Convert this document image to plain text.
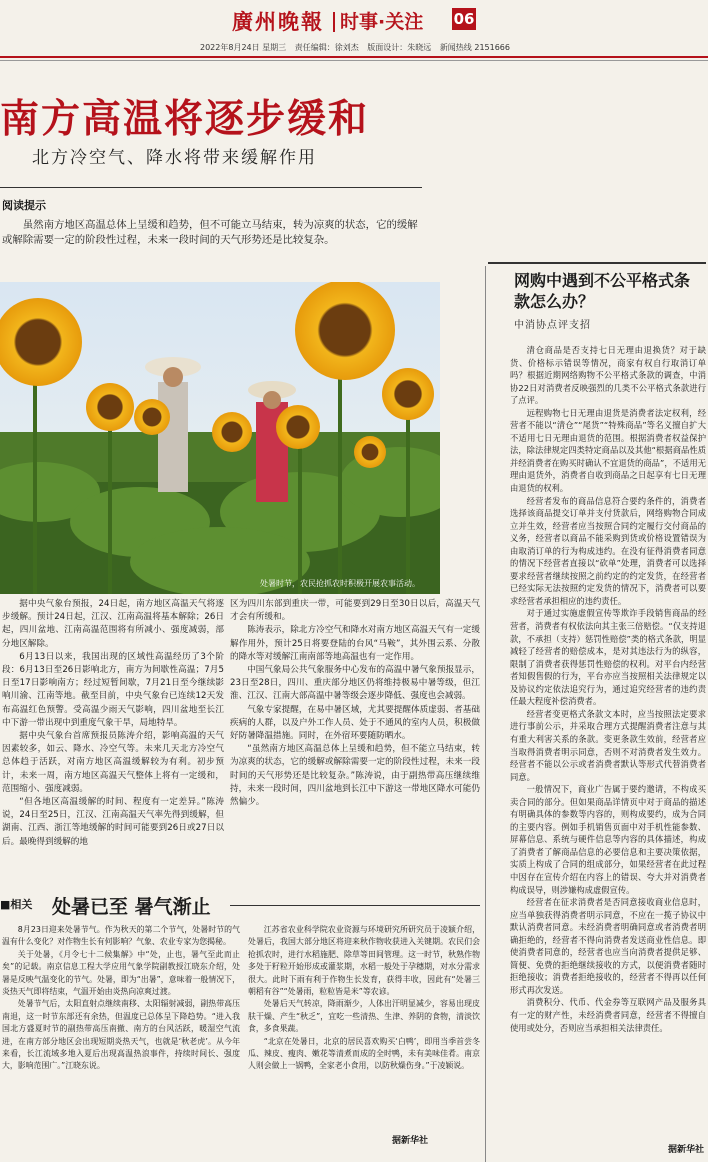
廣州晚報 时事·关注 06
2022年8月24日 星期三 责任编辑：徐刘杰 版面设计：朱晓远 新闻热线 2151666
南方高温将逐步缓和
北方冷空气、降水将带来缓解作用
阅读提示
虽然南方地区高温总体上呈缓和趋势，但不可能立马结束，转为凉爽的状态，它的缓解或解除需要一定的阶段性过程，未来一段时间的天气形势还是比较复杂。
处暑时节，农民抢抓农时积极开展农事活动。

据中央气象台预报，24日起，南方地区高温天气将逐步缓解。预计24日起，江汉、江南高温将基本解除；26日起，四川盆地、江南高温范围将有所减小、强度减弱，部分地区解除。

6月13日以来，我国出现的区域性高温经历了3个阶段：6月13日至26日影响北方，南方为间歇性高温；7月5日至17日影响南方；经过短暂间歇，7月21日至今继续影响川渝、江南等地。截至目前，中央气象台已连续12天发布高温红色预警。受高温少雨天气影响，四川盆地至长江中下游一带出现中到重度气象干旱，局地特旱。

据中央气象台首席预报员陈涛介绍，影响高温的天气因素较多，如云、降水、冷空气等。未来几天北方冷空气总体趋于活跃，对南方地区高温缓解较为有利。初步预计，未来一周，南方地区高温天气整体上将有一定缓和，范围缩小、强度减弱。

“但各地区高温缓解的时间、程度有一定差异。”陈涛说，24日至25日，江汉、江南高温天气率先得到缓解，但湖南、江西、浙江等地缓解的时间可能要到26日或27日以后。最晚得到缓解的地

区为四川东部到重庆一带，可能要到29日至30日以后，高温天气才会有所缓和。

陈涛表示，除北方冷空气和降水对南方地区高温天气有一定缓解作用外，预计25日将要登陆的台风“马鞍”，其外围云系、分散的降水等对缓解江南南部等地高温也有一定作用。

中国气象局公共气象服务中心发布的高温中暑气象预报显示，23日至28日，四川、重庆部分地区仍将维持极易中暑等级，但江淮、江汉、江南大部高温中暑等级会逐步降低、强度也会减弱。

气象专家提醒，在易中暑区域，尤其要提醒体质虚弱、者基础疾病的人群，以及户外工作人员、处于不通风的室内人员，积极做好防暑降温措施。同时，在外宿环要随防晒水。

“虽然南方地区高温总体上呈缓和趋势，但不能立马结束，转为凉爽的状态，它的缓解或解除需要一定的阶段性过程，未来一段时间的天气形势还是比较复杂。”陈涛说，由于副热带高压继续维持，未来一段时间，四川盆地到长江中下游这一带地区降水可能仍然偏少。

■相关 处暑已至 暑气渐止

8月23日迎来处暑节气。作为秋天的第二个节气，处暑时节的气温有什么变化？对作物生长有何影响？气象、农业专家为您揭秘。

关于处暑，《月令七十二候集解》中“处，止也，暑气至此而止矣”的记载。南京信息工程大学应用气象学院副教授江晓东介绍，处暑是反映气温变化的节气。处暑，即为“出暑”，意味着一般情况下，炎热天气即将结束，气温开始由炎热向凉爽过渡。

处暑节气后，太阳直射点继续南移、太阳辐射减弱，副热带高压南退，这一时节东部还有余热，但温度已总体呈下降趋势。“进入我国北方盛夏时节的副热带高压南撤、南方的台风活跃，暖湿空气流进，在南方部分地区会出现短期炎热天气，也就是‘秋老虎’。从今年来看，长江流域多地入夏后出现高温热浪事件，持续时间长、强度大，影响范围广。”江晓东说。

江苏省农业科学院农业资源与环境研究所研究员于凌颖介绍，处暑后，我国大部分地区将迎来秋作物收获进入关键期。农民们会抢抓农时，进行水稻施肥、除草等田间管理。这一时节，秋熟作物多处于籽粒开始形成或灌浆期，水稻一般处于孕穗期，对水分需求很大。此时下雨有利于作物生长发育，获得丰收，因此有“处暑三朝稻有谷”“处暑雨，粒粒皆是米”等农谚。

处暑后天气转凉，降雨渐少，人体出汗明显减少，容易出现皮肤干燥、产生“秋乏”，宜吃一些清热、生津、养阴的食物，清淡饮食，多食果蔬。

“北京在处暑日，北京的居民喜欢购买‘白鸭’，即用当季首尝冬瓜、辣皮、瘦肉、嫩花等清煮而成的全时鸭，未有美味佳肴。南京人则会做上一锅鸭，全家老小食用，以防秋燥伤身。”于凌颖说。

据新华社
网购中遇到不公平格式条款怎么办？
中消协点评支招

清仓商品是否支持七日无理由退换货？对于缺货、价格标示错误等情况，商家有权自行取消订单吗？根据近期网络购物不公平格式条款的调查，中消协22日对消费者反映强烈的几类不公平格式条款进行了点评。

远程购物七日无理由退货是消费者法定权利，经营者不能以“清仓”“尾货”“特殊商品”等名义擅自扩大不适用七日无理由退货的范围。根据消费者权益保护法，除法律规定四类特定商品以及其他“根据商品性质并经消费者在购买时确认不宜退货的商品”，不适用无理由退货外，消费者自收到商品之日起享有七日无理由退货的权利。

经营者发布的商品信息符合要约条件的，消费者选择该商品提交订单并支付货款后，网络购物合同成立并生效，经营者应当按照合同约定履行交付商品的义务，经营者以商品不能采购到货或价格设置错误为由取消订单的行为构成违约。在没有征得消费者同意的情况下经营者直接以“砍单”处理，消费者可以选择要求经营者继续按照之前约定的约定发货，在经营者已经实际无法按照约定发货的情况下，消费者可以要求经营者承担相应的违约责任。

对于通过实施虚假宣传等欺诈手段销售商品的经营者，消费者有权依法向其主张三倍赔偿。“仅支持退款，不承担（支持）惩罚性赔偿”类的格式条款，明显减轻了经营者的赔偿成本，是对其违法行为的纵容，限制了消费者获得惩罚性赔偿的权利。对平台内经营者知假售假的行为，平台亦应当按照相关法律规定以及协议约定依法追究行为，通过追究经营者的违约责任最大程度补偿消费者。

经营者变更格式条款文本时，应当按照法定要求进行事前公示，并采取合理方式提醒消费者注意与其有重大利害关系的条款。变更条款生效前，经营者应当取得消费者明示同意，否则不对消费者发生效力。经营者不能以公示或者消费者默认等形式代替消费者同意。

一般情况下，商业广告属于要约邀请，不构成买卖合同的部分。但如果商品详情页中对于商品的描述有明确具体的参数等内容的，则构成要约，成为合同的主要内容。例如手机销售页面中对手机性能参数、屏幕信息、系统与硬件信息等内容的具体描述，构成了消费者了解商品信息的必要信息和主要决策依据，实质上构成了合同的组成部分，如果经营者在此过程中因存在宣传介绍在内容上的错误、夸大并对消费者构成误导，则涉嫌构成虚假宣传。

经营者在征求消费者是否同意接收商业信息时，应当单独获得消费者明示同意，不应在一揽子协议中默认消费者同意。未经消费者明确同意或者消费者明确拒绝的，经营者不得向消费者发送商业性信息。即使消费者同意的，经营者也应当向消费者提供足够、简便、免费的拒绝继续接收的方式，以便消费者随时拒绝接收；消费者拒绝接收的，经营者不得再以任何形式再次发送。

消费积分、代币、代金券等互联网产品及服务具有一定的财产性，未经消费者同意，经营者不得擅自使用或处分，否则应当承担相关法律责任。

据新华社
